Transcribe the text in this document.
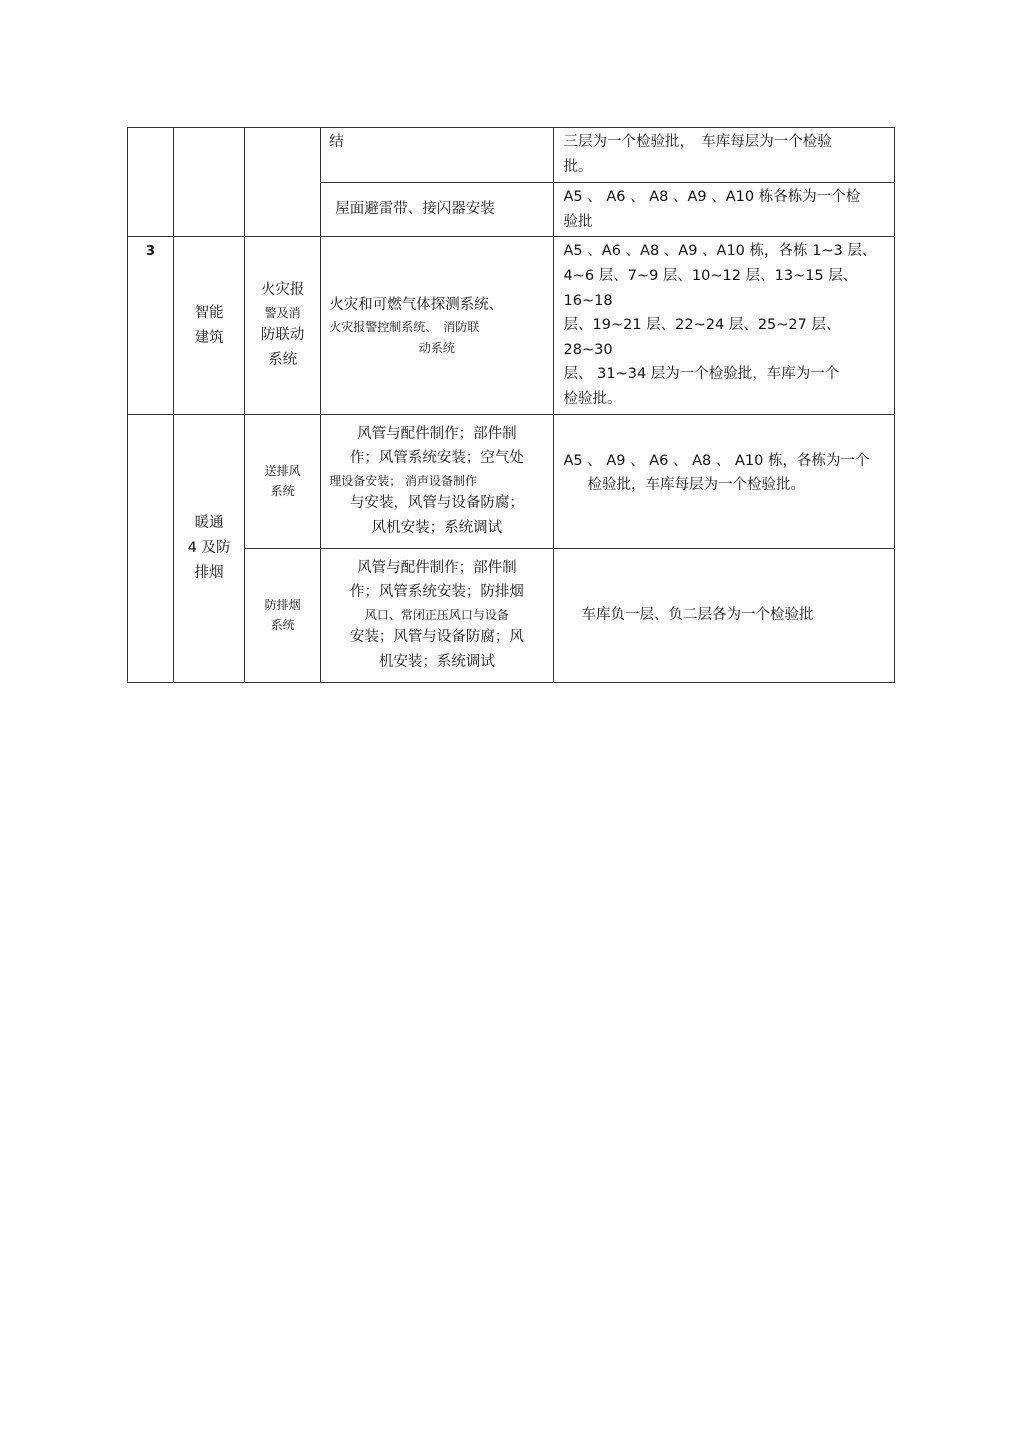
			结	三层为一个检验批，　车库每层为一个检验
批。

			屋面避雷带、接闪器安装	A5 、 A6 、 A8 、A9 、A10 栋各栋为一个检
验批

3	智能
建筑	火灾报
警及消
防联动
系统	火灾和可燃气体探测系统、
火灾报警控制系统、　消防联
动系统	A5 、A6 、A8 、A9 、A10 栋，各栋 1~3 层、
4~6 层、7~9 层、10~12 层、13~15 层、16~18
层、19~21 层、22~24 层、25~27 层、28~30
层、 31~34 层为一个检验批，车库为一个
检验批。

	暖通
4 及防
排烟	送排风
系统	风管与配件制作；部件制
作；风管系统安装；空气处
理设备安装； 消声设备制作
与安装，风管与设备防腐；
风机安装；系统调试	A5 、 A9 、 A6 、 A8 、 A10 栋，各栋为一个
检验批，车库每层为一个检验批。

		防排烟
系统	风管与配件制作；部件制
作；风管系统安装；防排烟
风口、常闭正压风口与设备
安装；风管与设备防腐；风
机安装；系统调试	车库负一层、负二层各为一个检验批
